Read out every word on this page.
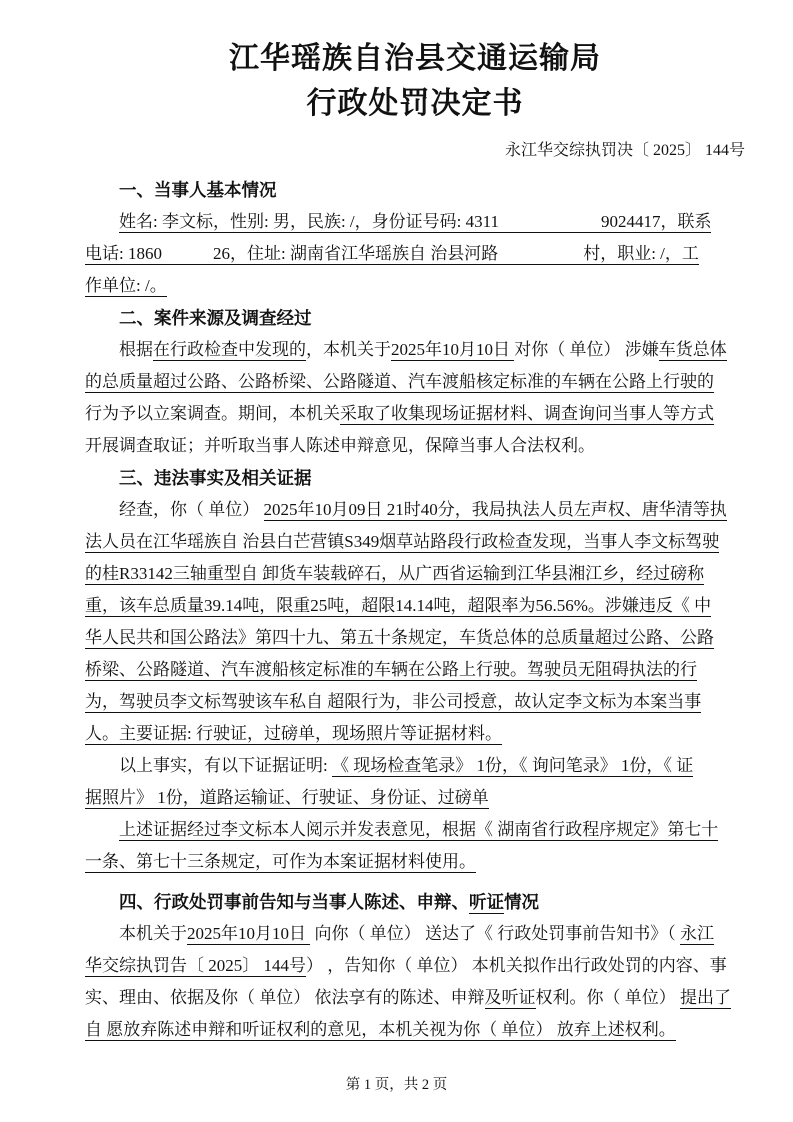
江华瑶族自治县交通运输局
行政处罚决定书
永江华交综执罚决〔 2025〕 144号
一、当事人基本情况
　　姓名: 李文标，性别: 男，民族: /，身份证号码: 4311　　　　　　9024417，联系
电话: 1860　　　26，住址: 湖南省江华瑶族自 治县河路　　　　　村，职业: /，工
作单位: /。
二、案件来源及调查经过
　　根据在行政检查中发现的，本机关于2025年10月10日 对你（ 单位） 涉嫌车货总体
的总质量超过公路、公路桥梁、公路隧道、汽车渡船核定标准的车辆在公路上行驶的
行为予以立案调查。期间，本机关采取了收集现场证据材料、调查询问当事人等方式
开展调查取证；并听取当事人陈述申辩意见，保障当事人合法权利。
三、违法事实及相关证据
　　经查，你（ 单位） 2025年10月09日 21时40分，我局执法人员左声权、唐华清等执
法人员在江华瑶族自 治县白芒营镇S349烟草站路段行政检查发现，当事人李文标驾驶
的桂R33142三轴重型自 卸货车装载碎石，从广西省运输到江华县湘江乡，经过磅称
重，该车总质量39.14吨，限重25吨，超限14.14吨，超限率为56.56%。涉嫌违反《 中
华人民共和国公路法》第四十九、第五十条规定，车货总体的总质量超过公路、公路
桥梁、公路隧道、汽车渡船核定标准的车辆在公路上行驶。驾驶员无阻碍执法的行
为，驾驶员李文标驾驶该车私自 超限行为，非公司授意，故认定李文标为本案当事
人。主要证据: 行驶证，过磅单，现场照片等证据材料。
　　以上事实，有以下证据证明: 《 现场检查笔录》 1份，《 询问笔录》 1份，《 证
据照片》 1份，道路运输证、行驶证、身份证、过磅单
　　上述证据经过李文标本人阅示并发表意见，根据《 湖南省行政程序规定》第七十
一条、第七十三条规定，可作为本案证据材料使用。
四、行政处罚事前告知与当事人陈述、申辩、听证情况
　　本机关于2025年10月10日  向你（ 单位） 送达了《 行政处罚事前告知书》（ 永江
华交综执罚告〔 2025〕 144号） ，告知你（ 单位） 本机关拟作出行政处罚的内容、事
实、理由、依据及你（ 单位） 依法享有的陈述、申辩及听证权利。你（ 单位） 提出了
自 愿放弃陈述申辩和听证权利的意见，本机关视为你（ 单位） 放弃上述权利。
第 1 页，共 2 页
